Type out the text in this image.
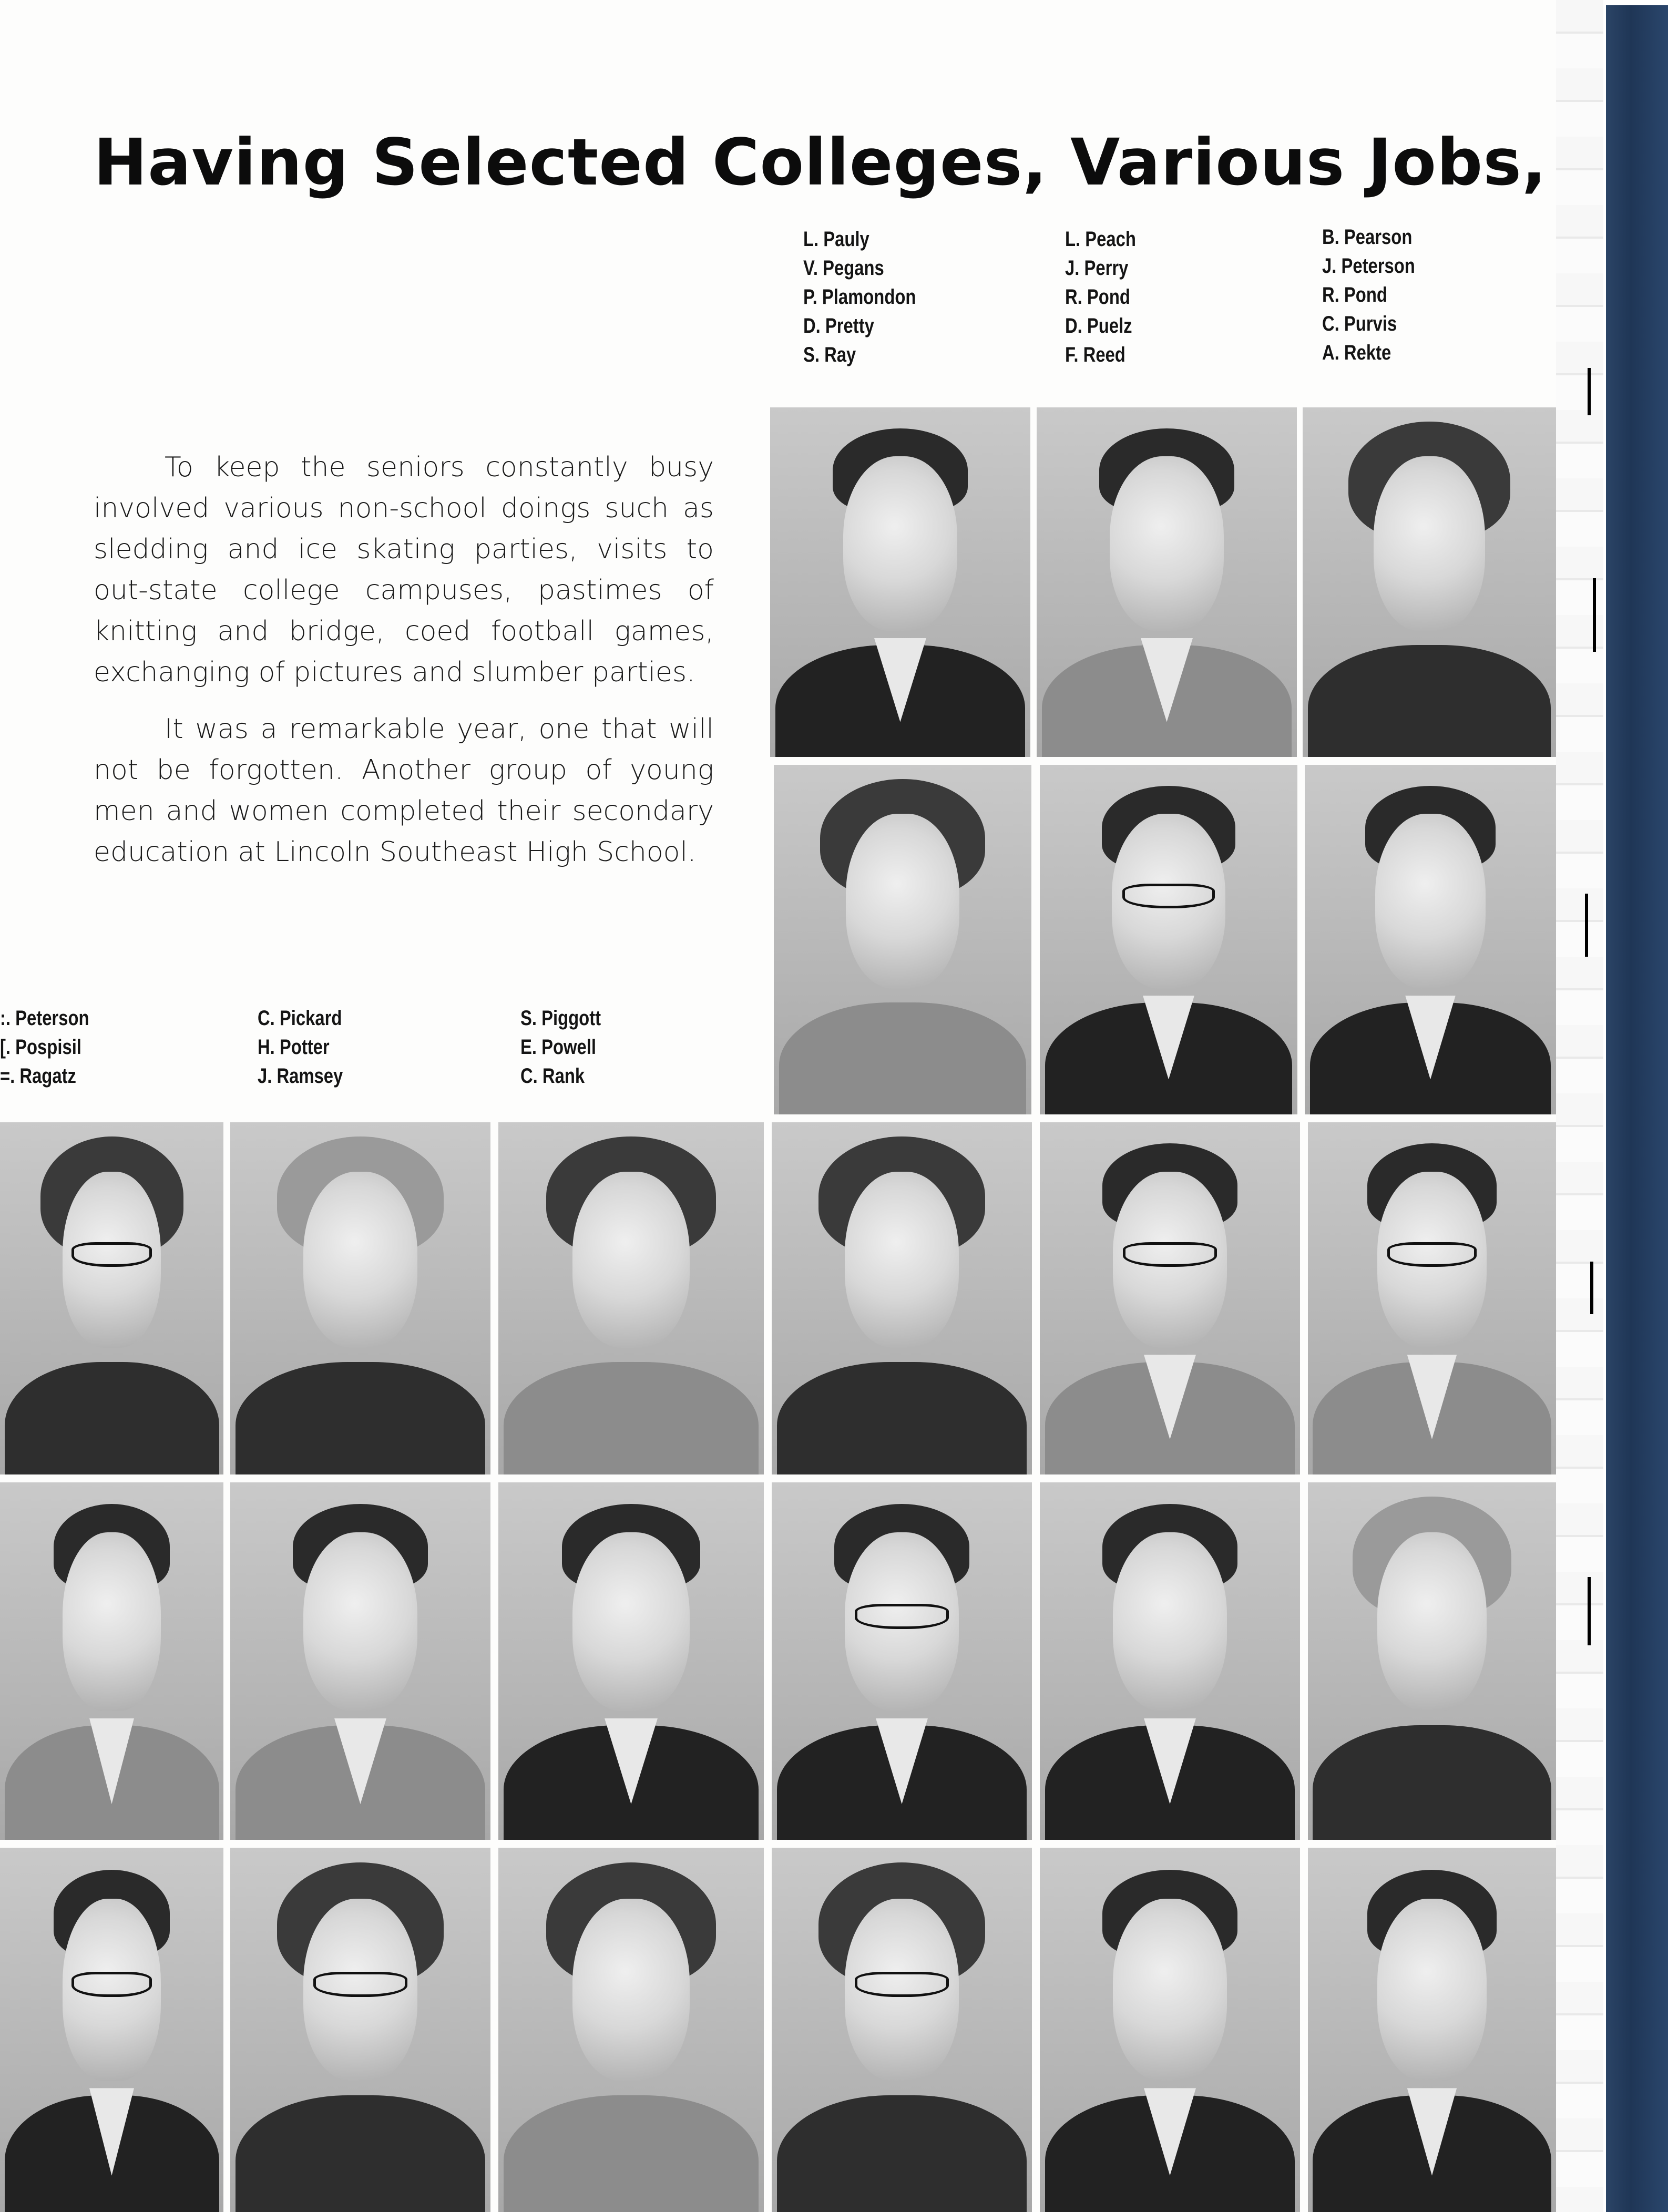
Having Selected Colleges, Various Jobs,
L. Pauly
V. Pegans
P. Plamondon
D. Pretty
S. Ray
L. Peach
J. Perry
R. Pond
D. Puelz
F. Reed
B. Pearson
J. Peterson
R. Pond
C. Purvis
A. Rekte

To keep the seniors constantly busy involved various non-school doings such as sledding and ice skating parties, visits to out-state college campuses, pastimes of knitting and bridge, coed football games, exchanging of pictures and slumber parties.

It was a remarkable year, one that will not be forgotten. Another group of young men and women completed their secondary education at Lincoln Southeast High School.

:. Peterson
[. Pospisil
=. Ragatz
C. Pickard
H. Potter
J. Ramsey
S. Piggott
E. Powell
C. Rank
